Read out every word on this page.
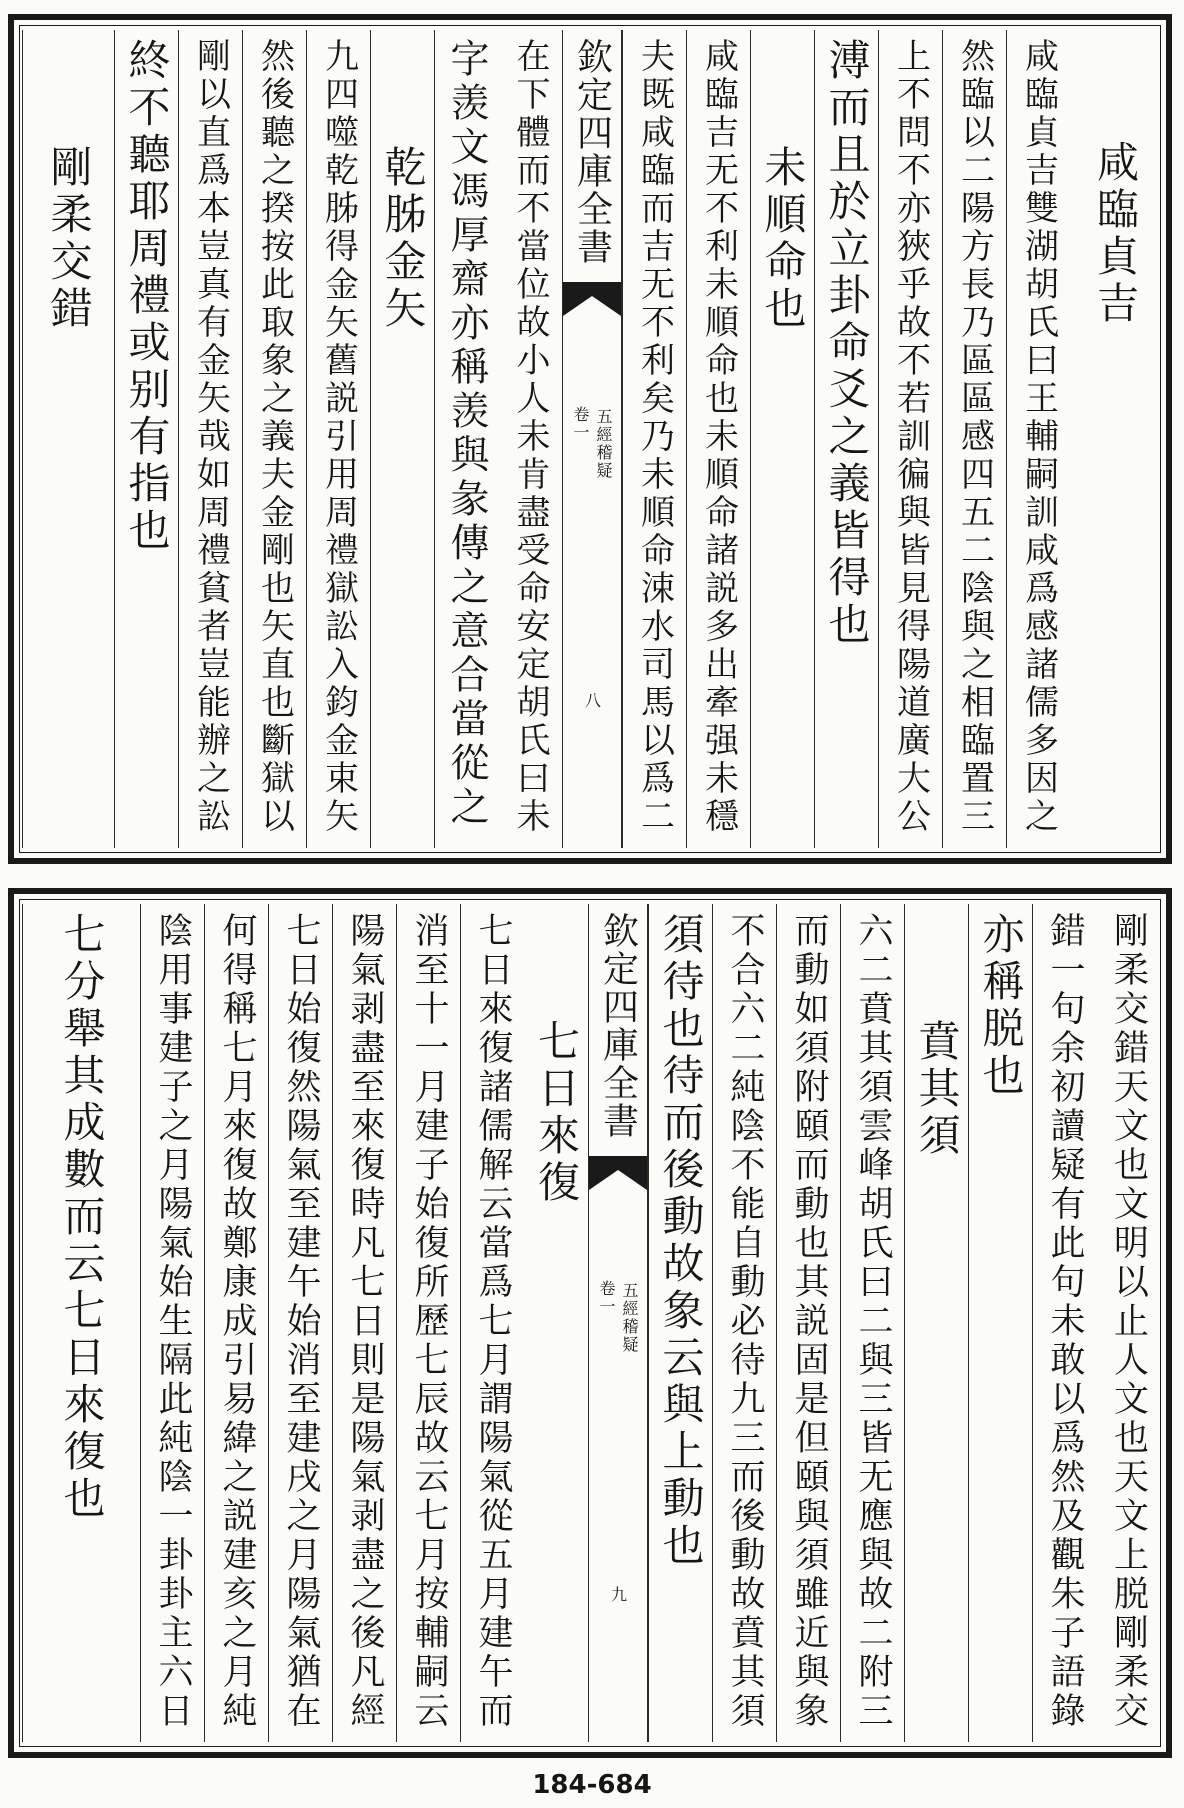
咸臨貞吉
咸臨貞吉雙湖胡氏曰王輔嗣訓咸爲感諸儒多因之
然臨以二陽方長乃區區感四五二陰與之相臨置三
上不問不亦狹乎故不若訓徧與皆見得陽道廣大公
溥而且於立卦命爻之義皆得也
未順命也
咸臨吉无不利未順命也未順命諸説多出牽强未穩
夫既咸臨而吉无不利矣乃未順命涑水司馬以爲二
欽定四庫全書
五經稽疑
卷一
八
在下體而不當位故小人未肯盡受命安定胡氏曰未
字羡文馮厚齋亦稱羡與彖傳之意合當從之
乾胏金矢
九四噬乾胏得金矢舊説引用周禮獄訟入鈞金束矢
然後聽之揆按此取象之義夫金剛也矢直也斷獄以
剛以直爲本豈真有金矢哉如周禮貧者豈能辦之訟
終不聽耶周禮或别有指也
剛柔交錯
剛柔交錯天文也文明以止人文也天文上脱剛柔交
錯一句余初讀疑有此句未敢以爲然及觀朱子語錄
亦稱脱也
賁其須
六二賁其須雲峰胡氏曰二與三皆无應與故二附三
而動如須附頤而動也其説固是但頤與須雖近與象
不合六二純陰不能自動必待九三而後動故賁其須
須待也待而後動故象云與上動也
欽定四庫全書
五經稽疑
卷一
九
七日來復
七日來復諸儒解云當爲七月謂陽氣從五月建午而
消至十一月建子始復所歷七辰故云七月按輔嗣云
陽氣剥盡至來復時凡七日則是陽氣剥盡之後凡經
七日始復然陽氣至建午始消至建戌之月陽氣猶在
何得稱七月來復故鄭康成引易緯之説建亥之月純
陰用事建子之月陽氣始生隔此純陰一卦卦主六日
七分舉其成數而云七日來復也
184-684
